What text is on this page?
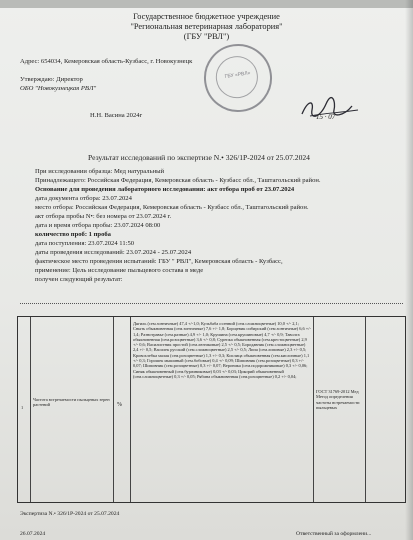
Государственное бюджетное учреждение
"Региональная ветеринарная лаборатория"
(ГБУ "РВЛ")
Адрес: 654034, Кемеровская область-Кузбасс, г. Новокузнецк
Утверждаю: Директор
ОБО "Новокузнецкая РВЛ"
Н.Н. Васина 2024г
ГБУ «РВЛ»
15 · 07
Результат исследований по экспертизе N.• 326/1Р-2024 от 25.07.2024
При исследовании образца: Мед натуральный
Принадлежащего: Российская Федерация, Кемеровская область - Кузбасс обл., Таштагольский район.
Основание для проведения лабораторного исследования: акт отбора проб от 23.07.2024
дата документа отбора: 23.07.2024
место отбора: Российская Федерация, Кемеровская область - Кузбасс обл., Таштагольский район.
акт отбора пробы N•: без номера от 23.07.2024 г.
дата и время отбора пробы: 23.07.2024 08:00
количество проб: 1 проба
дата поступления: 23.07.2024 11:50
даты проведения исследований: 23.07.2024 - 25.07.2024
фактическое место проведения испытаний: ГБУ " РВЛ", Кемеровская область - Кузбасс,
применение: Цель исследование пыльцевого состава в меде
получен следующий результат:
1
Частота встречаемости пыльцевых зерен растений	%
Дягиль (сем.зонтичные) 47,4 +/-1,0; Кульбаба осенний (сем.сложноцветные) 10,0 +/- 2,1; Сныть обыкновенная (сем.зонтичные) 7,6 +/- 1,8; Борщевик сибирский (сем.зонтичные) 6,6 +/- 1,4; Разнотравье (сем.разные) 4,9 +/- 1,0; Крушина (сем.крушиновые) 4,7 +/- 0,9; Таволга обыкновенная (сем.розоцветные) 3,6 +/- 0,8; Сурепка обыкновенная (сем.крестоцветные) 2,9 +/- 0,6; Василистник простой (сем.лютиковые) 2,5 +/- 0,5; Бородавник (сем.сложноцветные) 2,4 +/- 0,5; Василек русский (сем.сложноцветные) 2,5 +/- 0,5; Липа (сем.липовые) 2,3 +/- 0,5; Кровохлебка малая (сем.розоцветные) 1,3 +/- 0,3; Кислица обыкновенная (сем.кисличные) 1,1 +/- 0,3; Горошек мышиный (сем.бобовые) 0,4 +/- 0,09; Шиповник (сем.розоцветные) 0,3 +/- 0,07; Шиповник (сем.розоцветные) 0,3 +/- 0,07; Вероника (сем.подорожниковые) 0,3 +/- 0,06; Синяк обыкновенный (сем.бурачниковые) 0,03 +/- 0,03; Цикорий обыкновенный (сем.сложноцветные) 0,3 +/- 0,05; Рябина обыкновенная (сем.розоцветные) 0,2 +/- 0,04;
ГОСТ 31769-2012 Мед Метод определения частоты встречаемости пыльцевых
Экспертиза N.• 326/1Р-2024 от 25.07.2024
26.07.2024	Ответственный за оформлени...
